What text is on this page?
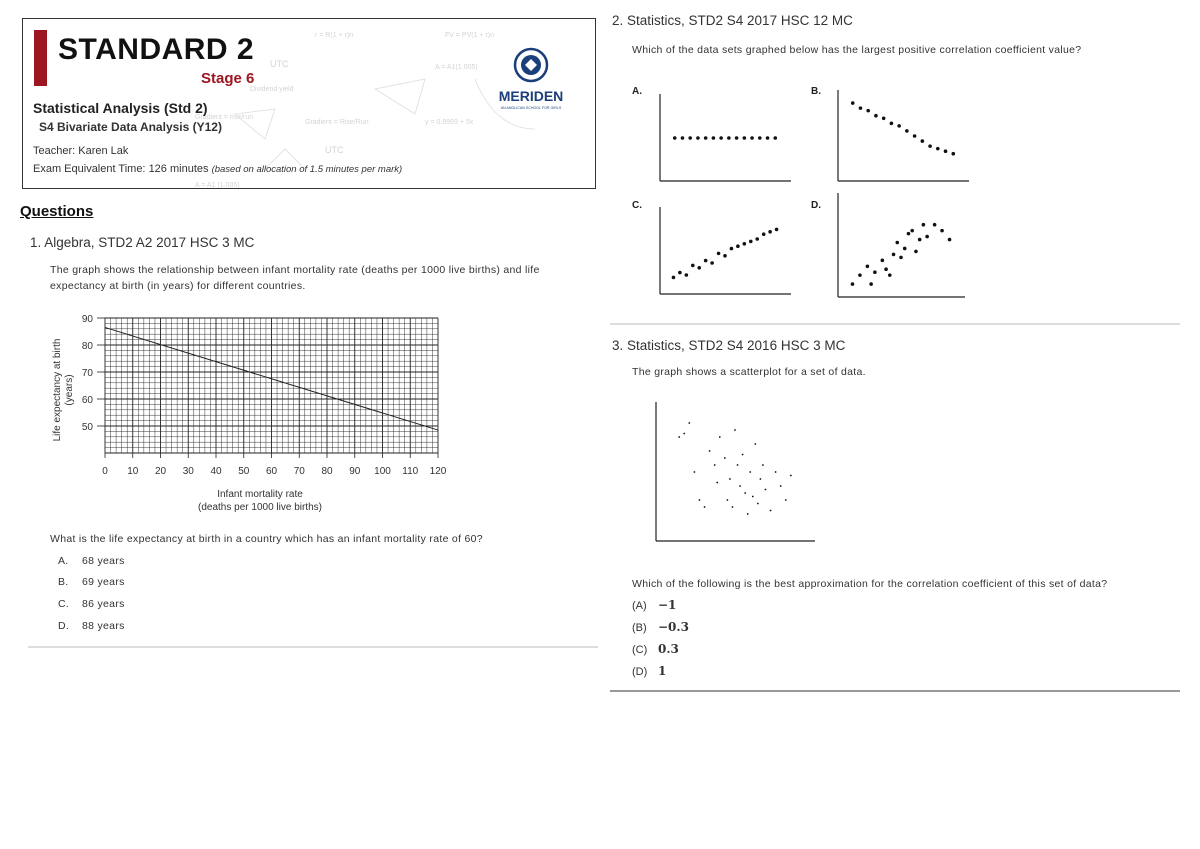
r = R(1 + r)n	FV = PV(1 + r)n
A = A1(1.005)
UTC
Dividend yield
Gradient = Rise/Run	y = 0.9969 + 5x
A = A1 (1.005)
Gradient = rise/run
UTC
STANDARD 2
Stage 6
Statistical Analysis (Std 2)
S4 Bivariate Data Analysis (Y12)
Teacher: Karen Lak
Exam Equivalent Time: 126 minutes (based on allocation of 1.5 minutes per mark)
MERIDEN
AN ANGLICAN SCHOOL FOR GIRLS
Questions
1. Algebra, STD2 A2 2017 HSC 3 MC
The graph shows the relationship between infant mortality rate (deaths per 1000 live births) and life expectancy at birth (in years) for different countries.
0 10 20 30 40 50 60 70 80 90 100 110 120
50
60
70
80
90
Infant mortality rate
(deaths per 1000 live births)
Life expectancy at birth (years)
What is the life expectancy at birth in a country which has an infant mortality rate of 60?
A. 68 years
B. 69 years
C. 86 years
D. 88 years
2. Statistics, STD2 S4 2017 HSC 12 MC
Which of the data sets graphed below has the largest positive correlation coefficient value?
A.	B.
C.	D.
3. Statistics, STD2 S4 2016 HSC 3 MC
The graph shows a scatterplot for a set of data.
Which of the following is the best approximation for the correlation coefficient of this set of data?
(A) −1
(B) −0.3
(C) 0.3
(D) 1
